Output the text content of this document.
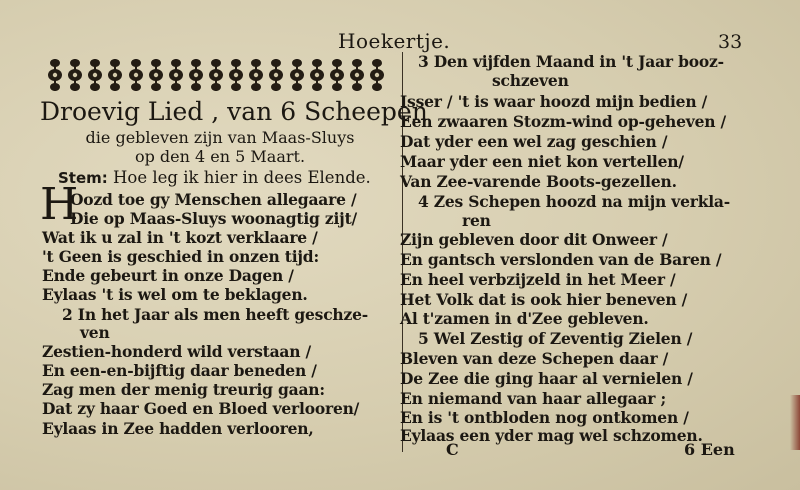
Hoekertje.	33
Droevig Lied , van 6 Scheepen
die gebleven zijn van Maas-Sluys
op den 4 en 5 Maart.
Stem: Hoe leg ik hier in dees Elende.
H
Oozd toe gy Menschen allegaare /
Die op Maas-Sluys woonagtig zijt/
Wat ik u zal in 't kozt verklaare /
't Geen is geschied in onzen tijd:
Ende gebeurt in onze Dagen /
Eylaas 't is wel om te beklagen.
2 In het Jaar als men heeft geschze-
ven
Zestien-honderd wild verstaan /
En een-en-bijftig daar beneden /
Zag men der menig treurig gaan:
Dat zy haar Goed en Bloed verlooren/
Eylaas in Zee hadden verlooren,
3 Den vijfden Maand in 't Jaar booz-
schzeven
Isser / 't is waar hoozd mijn bedien /
Een zwaaren Stozm-wind op-geheven /
Dat yder een wel zag geschien /
Maar yder een niet kon vertellen/
Van Zee-varende Boots-gezellen.
4 Zes Schepen hoozd na mijn verkla-
ren
Zijn gebleven door dit Onweer /
En gantsch verslonden van de Baren /
En heel verbzijzeld in het Meer /
Het Volk dat is ook hier beneven /
Al t'zamen in d'Zee gebleven.
5 Wel Zestig of Zeventig Zielen /
Bleven van deze Schepen daar /
De Zee die ging haar al vernielen /
En niemand van haar allegaar ;
En is 't ontbloden nog ontkomen /
Eylaas een yder mag wel schzomen.
C	6 Een
